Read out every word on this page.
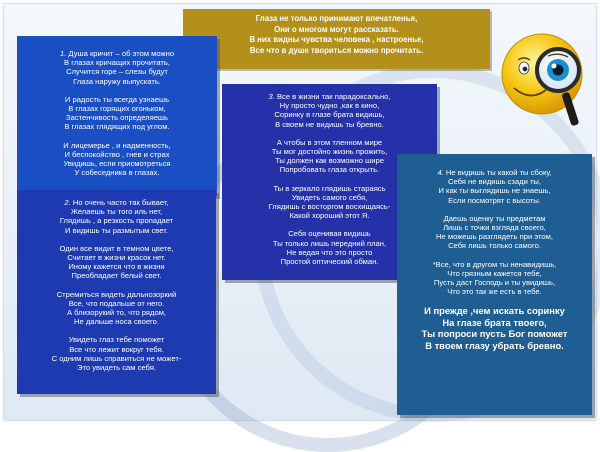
Глаза не только принимают впечатленья,
Они о многом могут рассказать.
В них видны чувства человека , настроенье,
Все что в душе твориться можно прочитать.

1. Душа кричит – об этом можно
В глазах кричащих прочитать,
Случится горе – слезы будут
Глаза наружу выпускать.

И радость ты всегда узнаешь
В глазах горящих огоньком,
Застенчивость определяешь
В глазах глядящих под углом.

И лицемерье , и надменность,
И беспокойство , гнев и страх
Увидишь, если присмотреться
У собеседника в глазах.

2. Но очень часто так бывает,
Желаешь ты того иль нет,
Глядишь , а резкость пропадает
И видишь ты размытым свет.

Один все видит в темном цвете,
Считает в жизни красок нет.
Иному кажется что в жизни
Преобладает белый свет.

Стремиться видеть дальнозоркий
Все, что подальше от него.
А близорукий то, что рядом,
Не дальше носа своего.

Увидеть глаз тебе поможет
Все что лежит вокруг тебя.
С одним лишь справиться не может-
Это увидеть сам себя.

3. Все в жизни так парадоксально,
Ну просто чудно ,как в кино,
Соринку в глазе брата видишь,
В своем не видишь ты бревно.

А чтобы в этом тленном мире
Ты мог достойно жизнь прожить,
Ты должен как возможно шире
Попробовать глаза открыть.

Ты в зеркало глядишь стараясь
Увидеть самого себя,
Глядишь с восторгом восхищаясь-
Какой хороший этот Я.

Себя оценивая видишь
Ты только лишь передний план,
Не ведая что это просто
Простой оптический обман.

4. Не видишь ты какой ты сбоку,
Себя не видишь сзади ты,
И как ты выглядишь не знаешь,
Если посмотрят с высоты.

Даешь оценку ты предметам
Лишь с точки взгляда своего,
Не можешь разглядеть при этом,
Себя лишь только самого.

*Все, что в другом ты ненавидишь,
Что грязным кажется тебе,
Пусть даст Господь и ты увидишь,
Что это так же есть в тебе.

И прежде ,чем искать соринку
На глазе брата твоего,
Ты попроси пусть Бог поможет
В твоем глазу убрать бревно.
